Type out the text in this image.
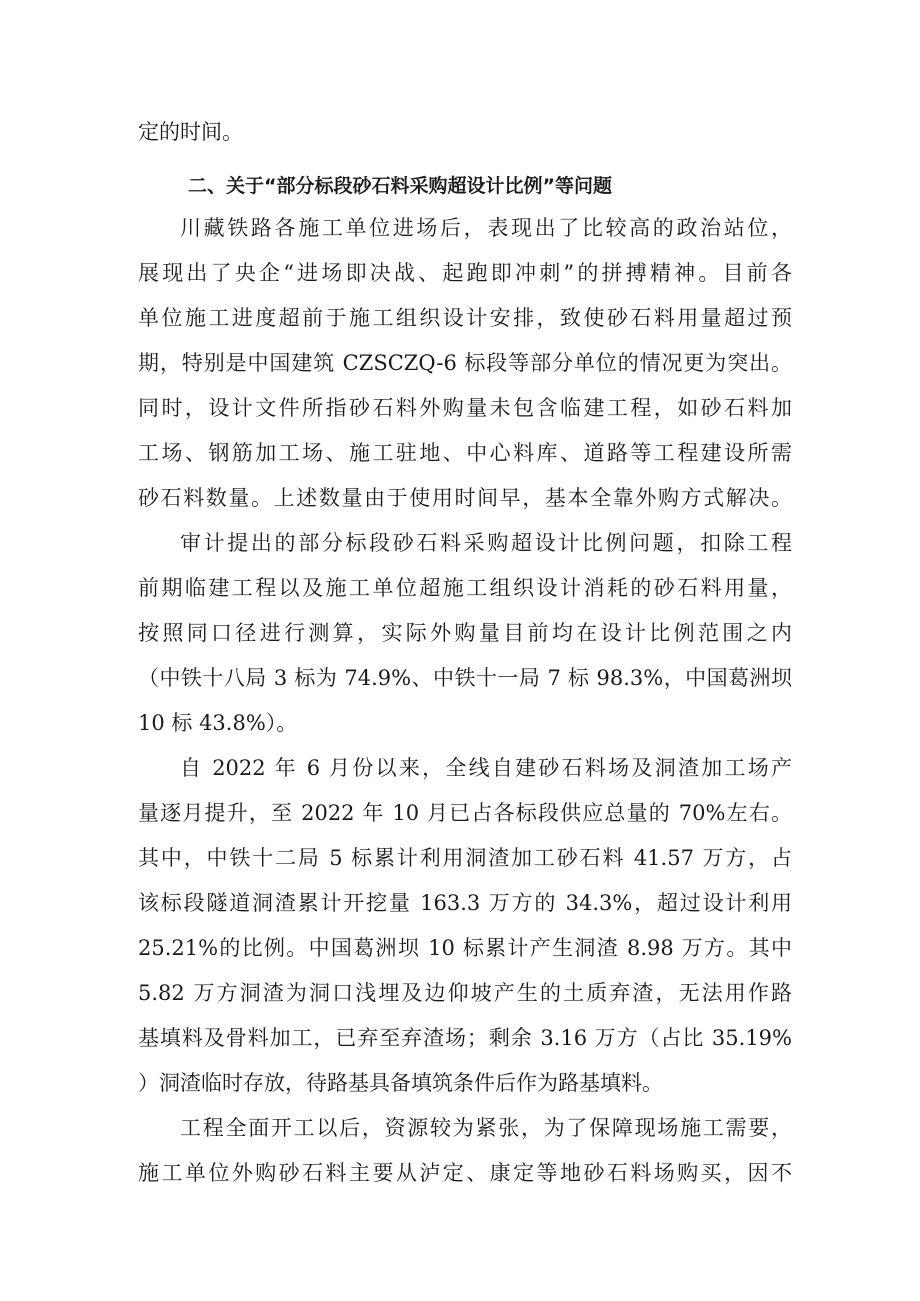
定的时间。
二、关于“部分标段砂石料采购超设计比例”等问题
川藏铁路各施工单位进场后，表现出了比较高的政治站位，
展现出了央企“进场即决战、起跑即冲刺”的拼搏精神。目前各
单位施工进度超前于施工组织设计安排，致使砂石料用量超过预
期，特别是中国建筑 CZSCZQ-6 标段等部分单位的情况更为突出。
同时，设计文件所指砂石料外购量未包含临建工程，如砂石料加
工场、钢筋加工场、施工驻地、中心料库、道路等工程建设所需
砂石料数量。上述数量由于使用时间早，基本全靠外购方式解决。
审计提出的部分标段砂石料采购超设计比例问题，扣除工程
前期临建工程以及施工单位超施工组织设计消耗的砂石料用量，
按照同口径进行测算，实际外购量目前均在设计比例范围之内
（中铁十八局 3 标为 74.9%、中铁十一局 7 标 98.3%，中国葛洲坝
10 标 43.8%）。
自 2022 年 6 月份以来，全线自建砂石料场及洞渣加工场产
量逐月提升，至 2022 年 10 月已占各标段供应总量的 70%左右。
其中，中铁十二局 5 标累计利用洞渣加工砂石料 41.57 万方，占
该标段隧道洞渣累计开挖量 163.3 万方的 34.3%，超过设计利用
25.21%的比例。中国葛洲坝 10 标累计产生洞渣 8.98 万方。其中
5.82 万方洞渣为洞口浅埋及边仰坡产生的土质弃渣，无法用作路
基填料及骨料加工，已弃至弃渣场；剩余 3.16 万方（占比 35.19%
）洞渣临时存放，待路基具备填筑条件后作为路基填料。
工程全面开工以后，资源较为紧张，为了保障现场施工需要，
施工单位外购砂石料主要从泸定、康定等地砂石料场购买，因不
